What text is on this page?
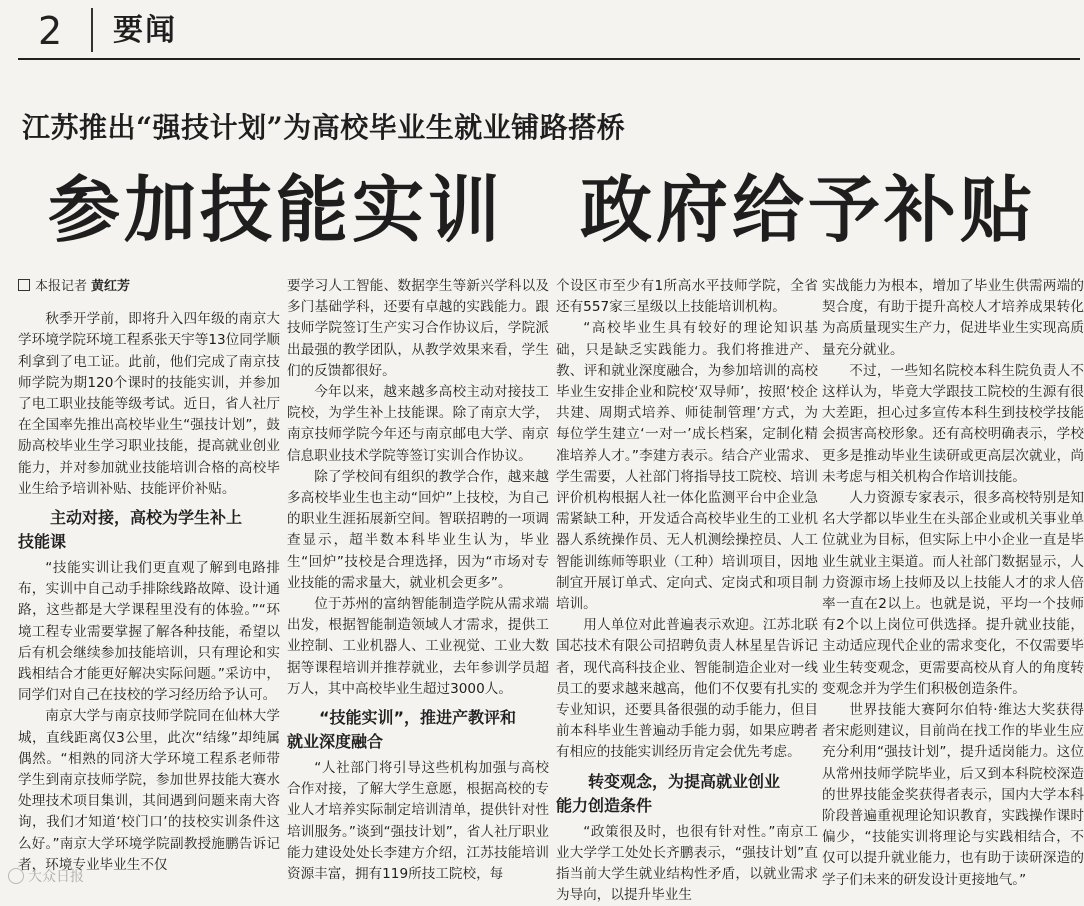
2 要闻
江苏推出“强技计划”为高校毕业生就业铺路搭桥
参加技能实训　政府给予补贴
本报记者 黄红芳

秋季开学前，即将升入四年级的南京大学环境学院环境工程系张天宇等13位同学顺利拿到了电工证。此前，他们完成了南京技师学院为期120个课时的技能实训，并参加了电工职业技能等级考试。近日，省人社厅在全国率先推出高校毕业生“强技计划”，鼓励高校毕业生学习职业技能，提高就业创业能力，并对参加就业技能培训合格的高校毕业生给予培训补贴、技能评价补贴。

主动对接，高校为学生补上
技能课

“技能实训让我们更直观了解到电路排布，实训中自己动手排除线路故障、设计通路，这些都是大学课程里没有的体验。”“环境工程专业需要掌握了解各种技能，希望以后有机会继续参加技能培训，只有理论和实践相结合才能更好解决实际问题。”采访中，同学们对自己在技校的学习经历给予认可。

南京大学与南京技师学院同在仙林大学城，直线距离仅3公里，此次“结缘”却纯属偶然。“相熟的同济大学环境工程系老师带学生到南京技师学院，参加世界技能大赛水处理技术项目集训，其间遇到问题来南大咨询，我们才知道‘校门口’的技校实训条件这么好。”南京大学环境学院副教授施鹏告诉记者，环境专业毕业生不仅

要学习人工智能、数据孪生等新兴学科以及多门基础学科，还要有卓越的实践能力。跟技师学院签订生产实习合作协议后，学院派出最强的教学团队，从教学效果来看，学生们的反馈都很好。

今年以来，越来越多高校主动对接技工院校，为学生补上技能课。除了南京大学，南京技师学院今年还与南京邮电大学、南京信息职业技术学院等签订实训合作协议。

除了学校间有组织的教学合作，越来越多高校毕业生也主动“回炉”上技校，为自己的职业生涯拓展新空间。智联招聘的一项调查显示，超半数本科毕业生认为，毕业生“回炉”技校是合理选择，因为“市场对专业技能的需求量大，就业机会更多”。

位于苏州的富纳智能制造学院从需求端出发，根据智能制造领域人才需求，提供工业控制、工业机器人、工业视觉、工业大数据等课程培训并推荐就业，去年参训学员超万人，其中高校毕业生超过3000人。

“技能实训”，推进产教评和
就业深度融合

“人社部门将引导这些机构加强与高校合作对接，了解大学生意愿，根据高校的专业人才培养实际制定培训清单，提供针对性培训服务。”谈到“强技计划”，省人社厅职业能力建设处处长李建方介绍，江苏技能培训资源丰富，拥有119所技工院校，每

个设区市至少有1所高水平技师学院，全省还有557家三星级以上技能培训机构。

“高校毕业生具有较好的理论知识基础，只是缺乏实践能力。我们将推进产、教、评和就业深度融合，为参加培训的高校毕业生安排企业和院校‘双导师’，按照‘校企共建、周期式培养、师徒制管理’方式，为每位学生建立‘一对一’成长档案，定制化精准培养人才。”李建方表示。结合产业需求、学生需要，人社部门将指导技工院校、培训评价机构根据人社一体化监测平台中企业急需紧缺工种，开发适合高校毕业生的工业机器人系统操作员、无人机测绘操控员、人工智能训练师等职业（工种）培训项目，因地制宜开展订单式、定向式、定岗式和项目制培训。

用人单位对此普遍表示欢迎。江苏北联国芯技术有限公司招聘负责人林星星告诉记者，现代高科技企业、智能制造企业对一线员工的要求越来越高，他们不仅要有扎实的专业知识，还要具备很强的动手能力，但目前本科毕业生普遍动手能力弱，如果应聘者有相应的技能实训经历肯定会优先考虑。

转变观念，为提高就业创业
能力创造条件

“政策很及时，也很有针对性。”南京工业大学学工处处长齐鹏表示，“强技计划”直指当前大学生就业结构性矛盾，以就业需求为导向，以提升毕业生

实战能力为根本，增加了毕业生供需两端的契合度，有助于提升高校人才培养成果转化为高质量现实生产力，促进毕业生实现高质量充分就业。

不过，一些知名院校本科生院负责人不这样认为，毕竟大学跟技工院校的生源有很大差距，担心过多宣传本科生到技校学技能会损害高校形象。还有高校明确表示，学校更多是推动毕业生读研或更高层次就业，尚未考虑与相关机构合作培训技能。

人力资源专家表示，很多高校特别是知名大学都以毕业生在头部企业或机关事业单位就业为目标，但实际上中小企业一直是毕业生就业主渠道。而人社部门数据显示，人力资源市场上技师及以上技能人才的求人倍率一直在2以上。也就是说，平均一个技师有2个以上岗位可供选择。提升就业技能，主动适应现代企业的需求变化，不仅需要毕业生转变观念，更需要高校从育人的角度转变观念并为学生们积极创造条件。

世界技能大赛阿尔伯特·维达大奖获得者宋彪则建议，目前尚在找工作的毕业生应充分利用“强技计划”，提升适岗能力。这位从常州技师学院毕业，后又到本科院校深造的世界技能金奖获得者表示，国内大学本科阶段普遍重视理论知识教育，实践操作课时偏少，“技能实训将理论与实践相结合，不仅可以提升就业能力，也有助于读研深造的学子们未来的研发设计更接地气。”

大众日报
